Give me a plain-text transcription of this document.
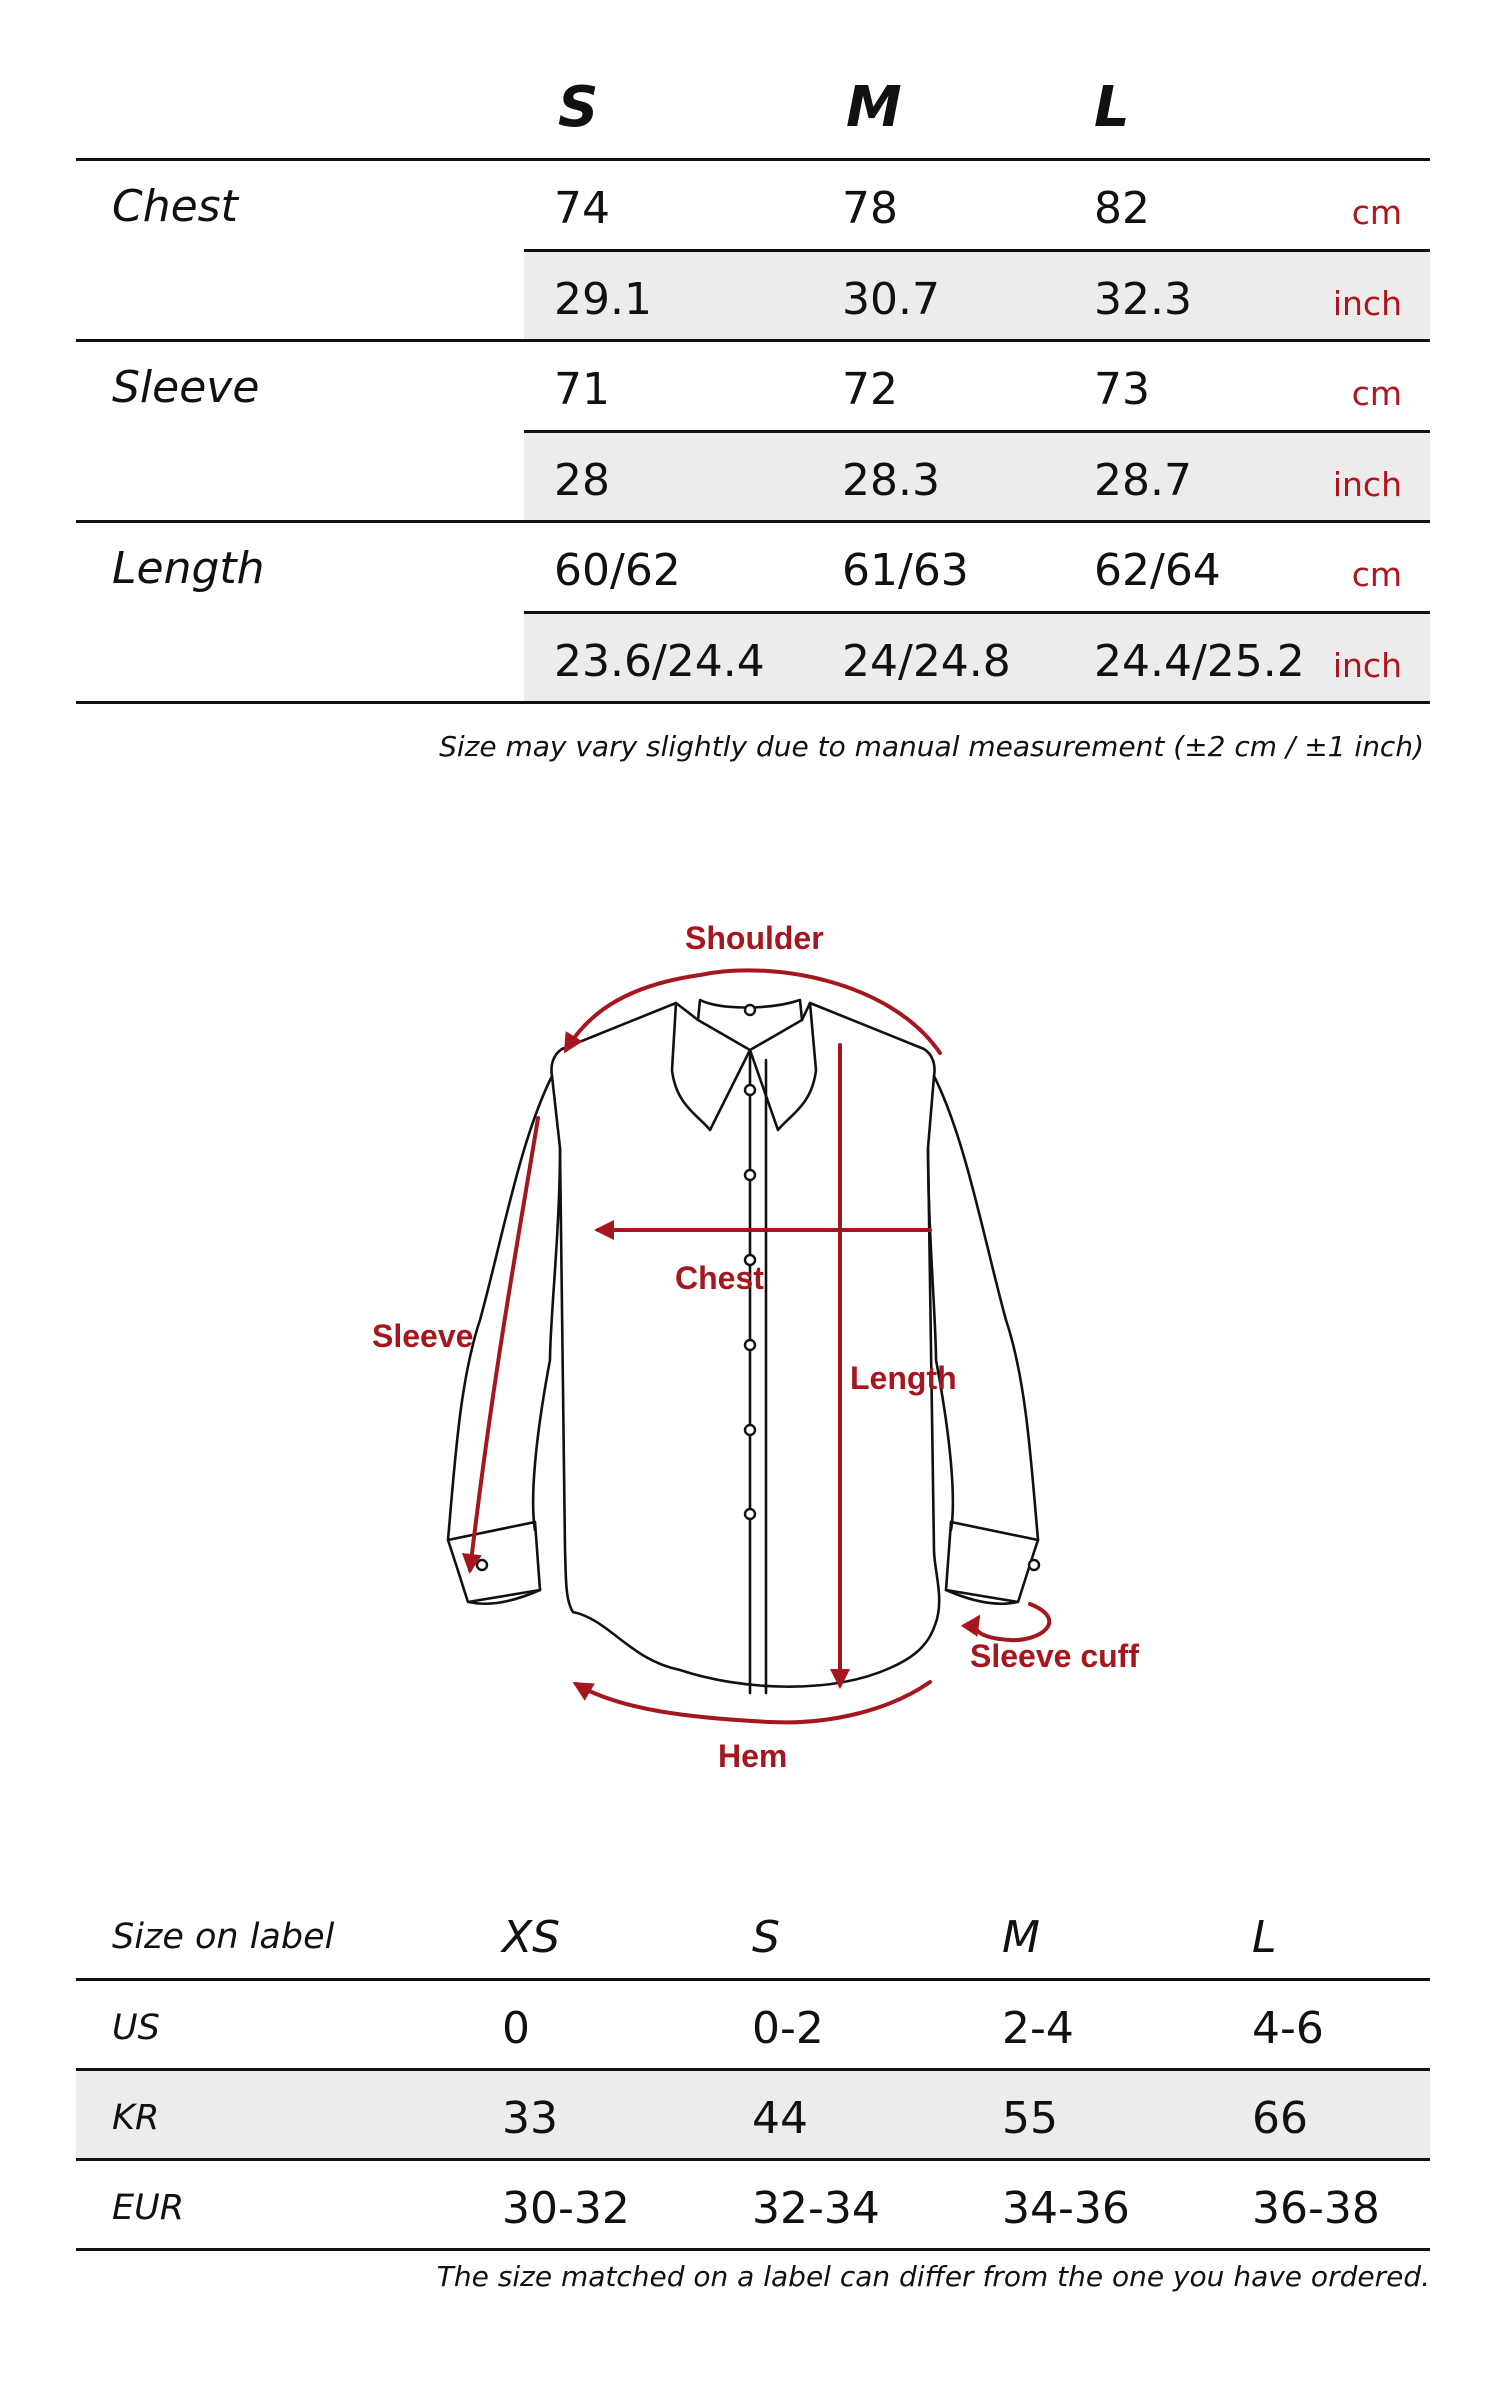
S	M	L
Chest	74	78	82	cm
29.1	30.7	32.3	inch
Sleeve	71	72	73	cm
28	28.3	28.7	inch
Length	60/62	61/63	62/64	cm
23.6/24.4 24/24.8 24.4/25.2 inch
Size may vary slightly due to manual measurement (±2 cm / ±1 inch)
Shoulder
Chest
Sleeve
Length
Sleeve cuff
Hem
Size on label	XS	S	M	L
US	0	0-2	2-4	4-6
KR	33	44	55	66
EUR	30-32	32-34	34-36	36-38
The size matched on a label can differ from the one you have ordered.
